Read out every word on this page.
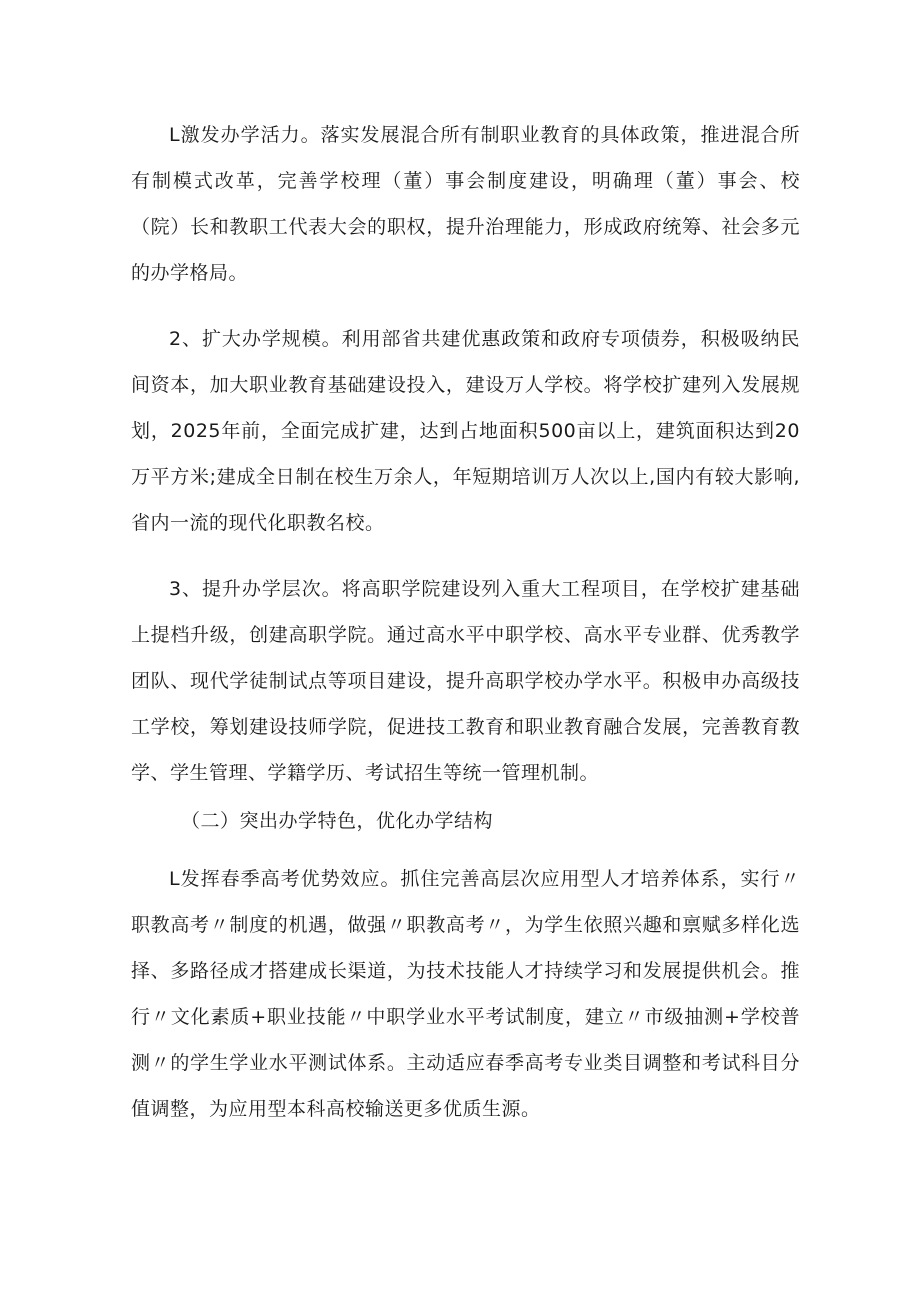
L激发办学活力。落实发展混合所有制职业教育的具体政策，推进混合所有制模式改革，完善学校理（董）事会制度建设，明确理（董）事会、校（院）长和教职工代表大会的职权，提升治理能力，形成政府统筹、社会多元的办学格局。

2、扩大办学规模。利用部省共建优惠政策和政府专项债券，积极吸纳民间资本，加大职业教育基础建设投入，建设万人学校。将学校扩建列入发展规划，2025年前，全面完成扩建，达到占地面积500亩以上，建筑面积达到20万平方米;建成全日制在校生万余人，年短期培训万人次以上,国内有较大影响,省内一流的现代化职教名校。

3、提升办学层次。将高职学院建设列入重大工程项目，在学校扩建基础上提档升级，创建高职学院。通过高水平中职学校、高水平专业群、优秀教学团队、现代学徒制试点等项目建设，提升高职学校办学水平。积极申办高级技工学校，筹划建设技师学院，促进技工教育和职业教育融合发展，完善教育教学、学生管理、学籍学历、考试招生等统一管理机制。

（二）突出办学特色，优化办学结构

L发挥春季高考优势效应。抓住完善高层次应用型人才培养体系，实行〃职教高考〃制度的机遇，做强〃职教高考〃，为学生依照兴趣和禀赋多样化选择、多路径成才搭建成长渠道，为技术技能人才持续学习和发展提供机会。推行〃文化素质+职业技能〃中职学业水平考试制度，建立〃市级抽测+学校普测〃的学生学业水平测试体系。主动适应春季高考专业类目调整和考试科目分值调整，为应用型本科高校输送更多优质生源。
